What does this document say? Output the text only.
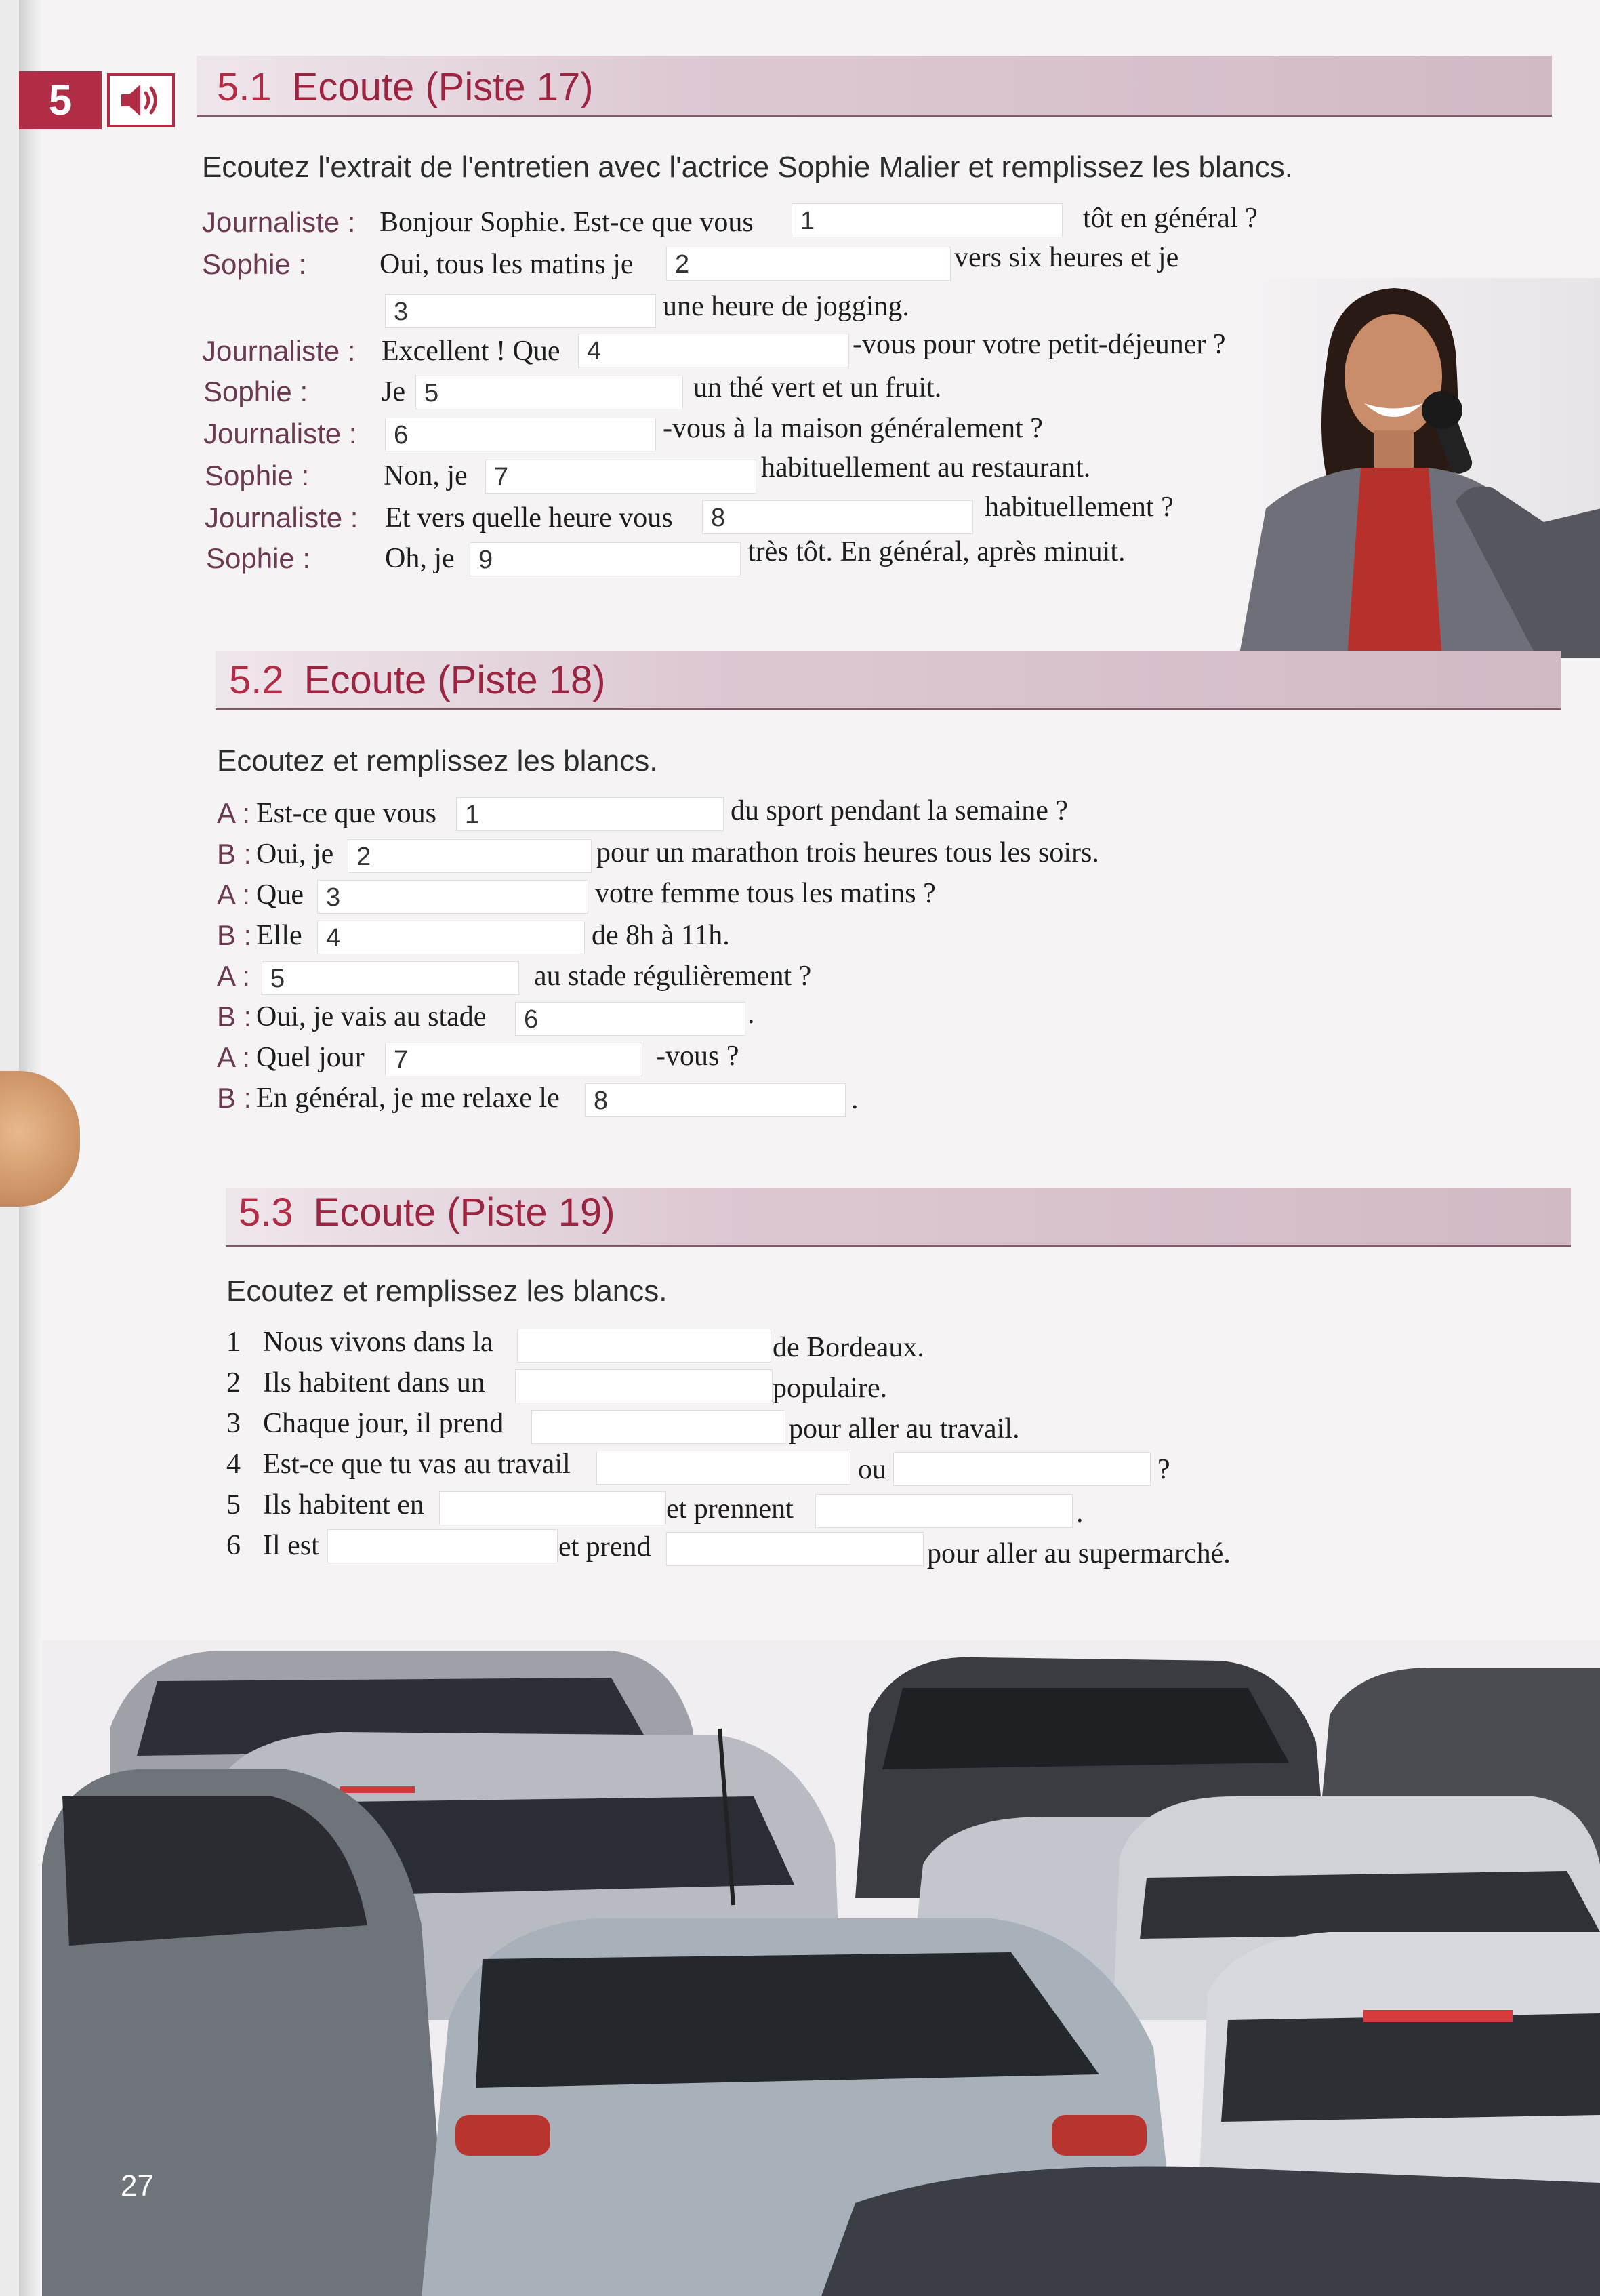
5	5.1 Ecoute (Piste 17)
Ecoutez l'extrait de l'entretien avec l'actrice Sophie Malier et remplissez les blancs.
Journaliste : Bonjour Sophie. Est-ce que vous	1	tôt en général ?
Sophie :	Oui, tous les matins je	2	vers six heures et je
3	une heure de jogging.
Journaliste : Excellent ! Que	4	-vous pour votre petit-déjeuner ?
Sophie :	Je 5	un thé vert et un fruit.
Journaliste :	6	-vous à la maison généralement ?
Sophie :	Non, je	7	habituellement au restaurant.
Journaliste : Et vers quelle heure vous	8	habituellement ?
Sophie :	Oh, je 9	très tôt. En général, après minuit.
5.2 Ecoute (Piste 18)
Ecoutez et remplissez les blancs.
A : Est-ce que vous	1	du sport pendant la semaine ?
B : Oui, je 2	pour un marathon trois heures tous les soirs.
A : Que 3	votre femme tous les matins ?
B : Elle 4	de 8h à 11h.
A : 5	au stade régulièrement ?
B : Oui, je vais au stade	6	.
A : Quel jour	7	-vous ?
B : En général, je me relaxe le	8	.
5.3 Ecoute (Piste 19)
Ecoutez et remplissez les blancs.
1 Nous vivons dans la	de Bordeaux.
2 Ils habitent dans un	populaire.
3 Chaque jour, il prend	pour aller au travail.
4 Est-ce que tu vas au travail	ou	?
5 Ils habitent en	et prennent	.
6 Il est	et prend	pour aller au supermarché.
27
